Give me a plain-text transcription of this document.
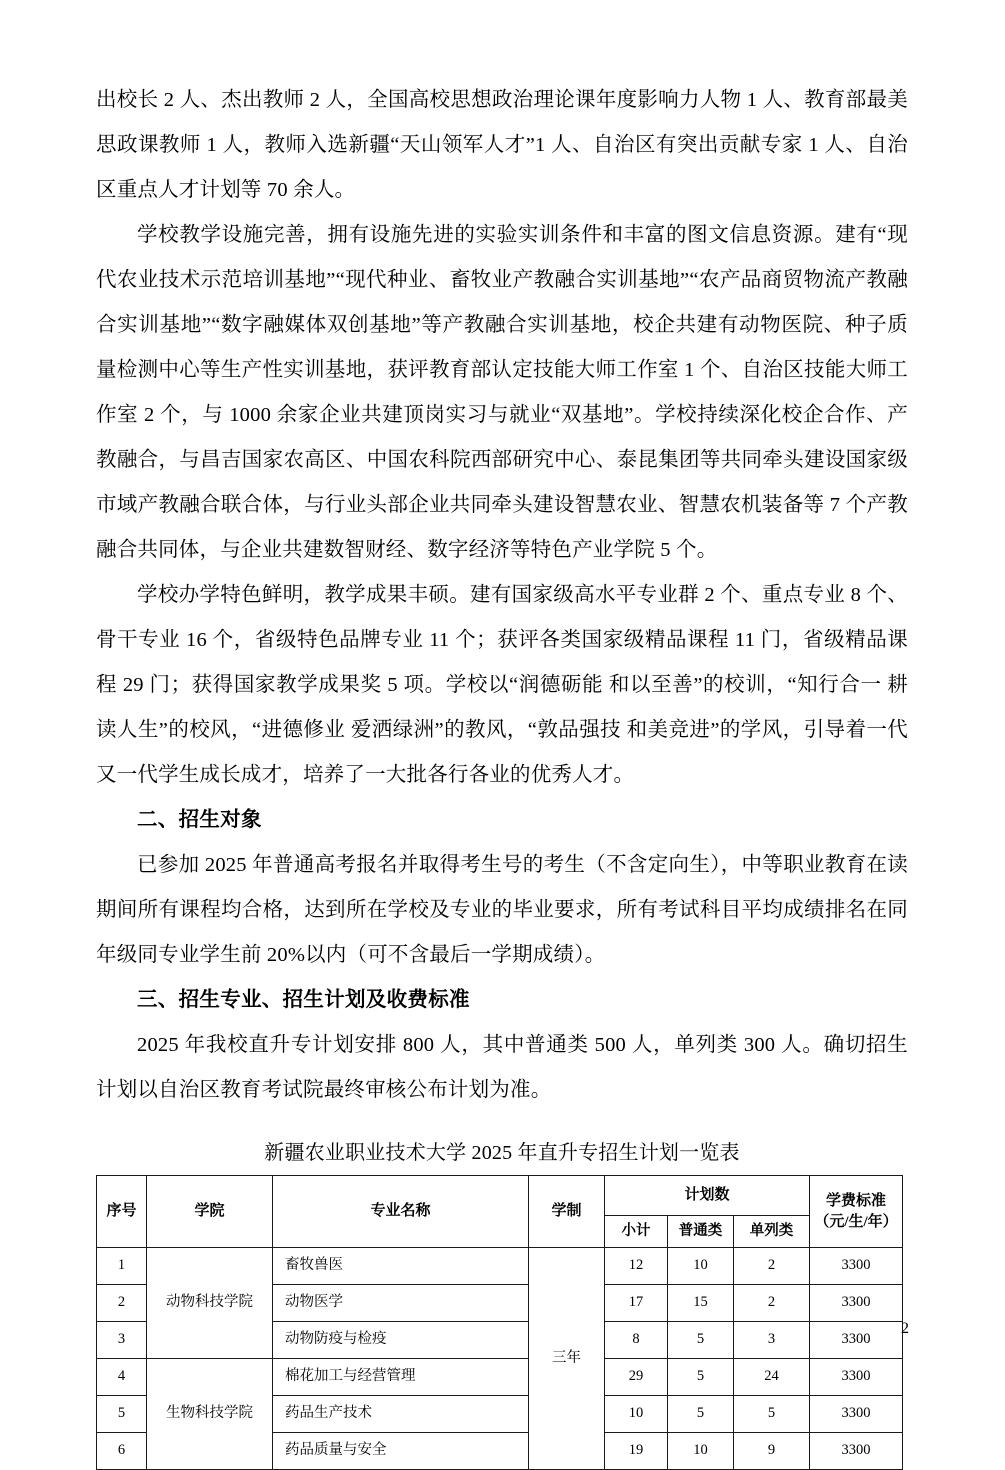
出校长 2 人、杰出教师 2 人，全国高校思想政治理论课年度影响力人物 1 人、教育部最美思政课教师 1 人，教师入选新疆“天山领军人才”1 人、自治区有突出贡献专家 1 人、自治区重点人才计划等 70 余人。

学校教学设施完善，拥有设施先进的实验实训条件和丰富的图文信息资源。建有“现代农业技术示范培训基地”“现代种业、畜牧业产教融合实训基地”“农产品商贸物流产教融合实训基地”“数字融媒体双创基地”等产教融合实训基地，校企共建有动物医院、种子质量检测中心等生产性实训基地，获评教育部认定技能大师工作室 1 个、自治区技能大师工作室 2 个，与 1000 余家企业共建顶岗实习与就业“双基地”。学校持续深化校企合作、产教融合，与昌吉国家农高区、中国农科院西部研究中心、泰昆集团等共同牵头建设国家级市域产教融合联合体，与行业头部企业共同牵头建设智慧农业、智慧农机装备等 7 个产教融合共同体，与企业共建数智财经、数字经济等特色产业学院 5 个。

学校办学特色鲜明，教学成果丰硕。建有国家级高水平专业群 2 个、重点专业 8 个、骨干专业 16 个，省级特色品牌专业 11 个；获评各类国家级精品课程 11 门，省级精品课程 29 门；获得国家教学成果奖 5 项。学校以“润德砺能 和以至善”的校训，“知行合一 耕读人生”的校风，“进德修业 爱洒绿洲”的教风，“敦品强技 和美竞进”的学风，引导着一代又一代学生成长成才，培养了一大批各行各业的优秀人才。

二、招生对象

已参加 2025 年普通高考报名并取得考生号的考生（不含定向生），中等职业教育在读期间所有课程均合格，达到所在学校及专业的毕业要求，所有考试科目平均成绩排名在同年级同专业学生前 20%以内（可不含最后一学期成绩）。

三、招生专业、招生计划及收费标准

2025 年我校直升专计划安排 800 人，其中普通类 500 人，单列类 300 人。确切招生计划以自治区教育考试院最终审核公布计划为准。

新疆农业职业技术大学 2025 年直升专招生计划一览表
序号	学院	专业名称	学制	计划数			学费标准
（元/生/年）

				小计	普通类	单列类	
1	动物科技学院	畜牧兽医	三年	12	10	2	3300
2		动物医学		17	15	2	3300
3		动物防疫与检疫		8	5	3	3300
4	生物科技学院	棉花加工与经营管理		29	5	24	3300
5		药品生产技术		10	5	5	3300
6		药品质量与安全		19	10	9	3300
2
